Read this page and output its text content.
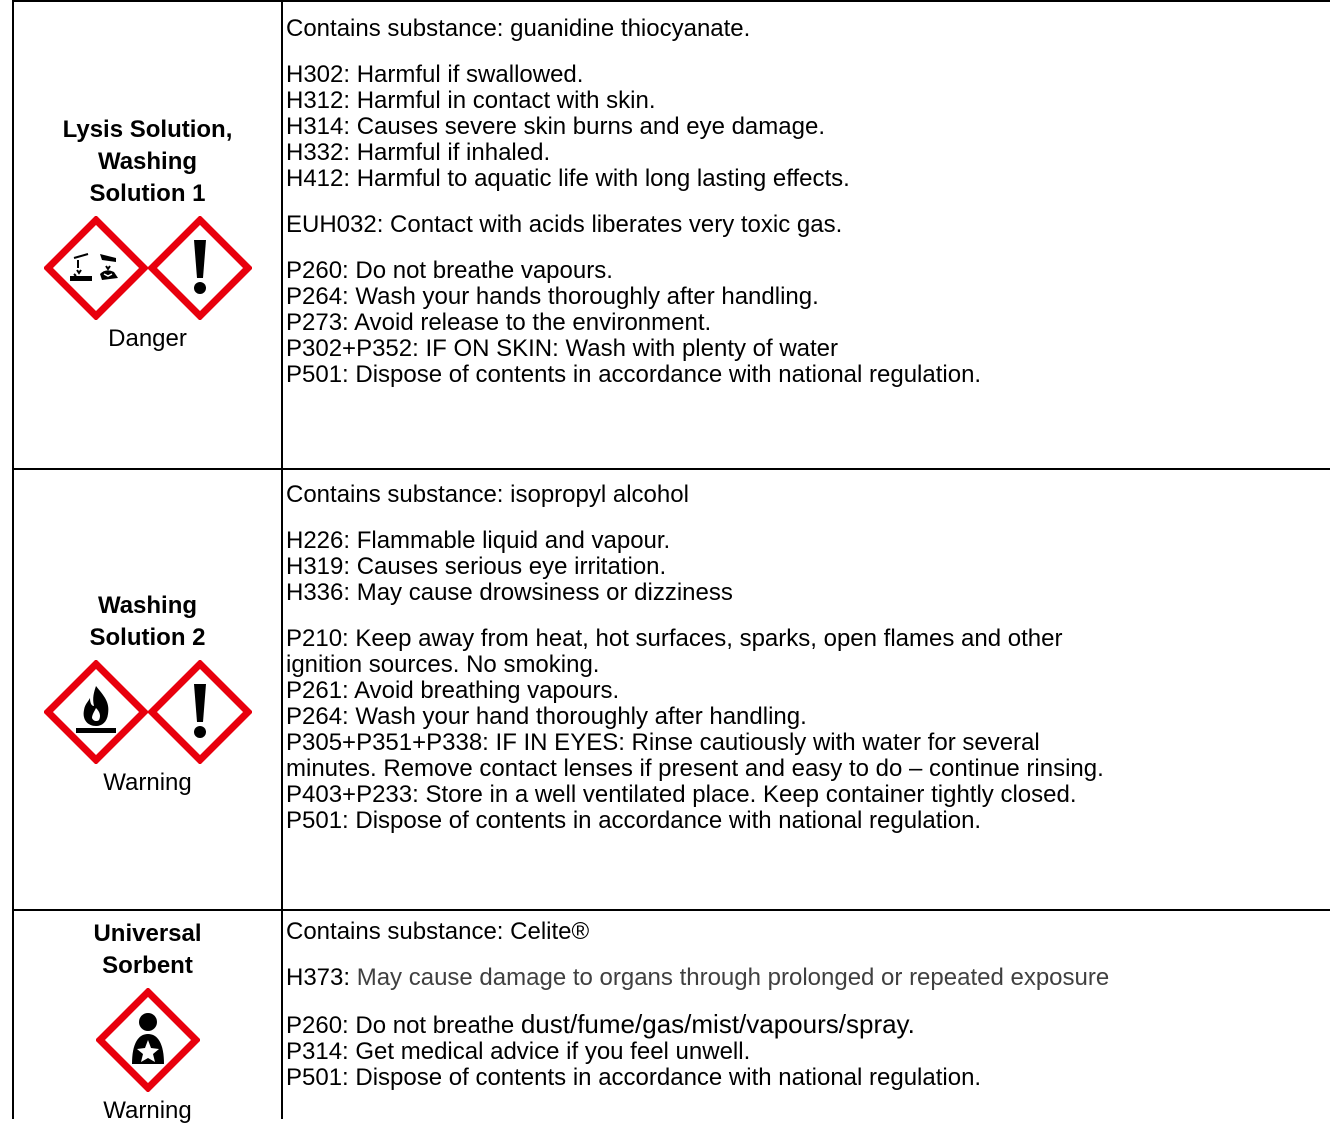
Lysis Solution,

Washing

Solution 1

Danger

Contains substance: guanidine thiocyanate.

H302: Harmful if swallowed.

H312: Harmful in contact with skin.

H314: Causes severe skin burns and eye damage.

H332: Harmful if inhaled.

H412: Harmful to aquatic life with long lasting effects.

EUH032: Contact with acids liberates very toxic gas.

P260: Do not breathe vapours.

P264: Wash your hands thoroughly after handling.

P273: Avoid release to the environment.

P302+P352: IF ON SKIN: Wash with plenty of water

P501: Dispose of contents in accordance with national regulation.

Washing

Solution 2

Warning

Contains substance: isopropyl alcohol

H226: Flammable liquid and vapour.

H319: Causes serious eye irritation.

H336: May cause drowsiness or dizziness

P210: Keep away from heat, hot surfaces, sparks, open flames and other

ignition sources. No smoking.

P261: Avoid breathing vapours.

P264: Wash your hand thoroughly after handling.

P305+P351+P338: IF IN EYES: Rinse cautiously with water for several

minutes. Remove contact lenses if present and easy to do – continue rinsing.

P403+P233: Store in a well ventilated place. Keep container tightly closed.

P501: Dispose of contents in accordance with national regulation.

Universal

Sorbent

Warning

Contains substance: Celite®

H373: May cause damage to organs through prolonged or repeated exposure

P260: Do not breathe dust/fume/gas/mist/vapours/spray.

P314: Get medical advice if you feel unwell.

P501: Dispose of contents in accordance with national regulation.
